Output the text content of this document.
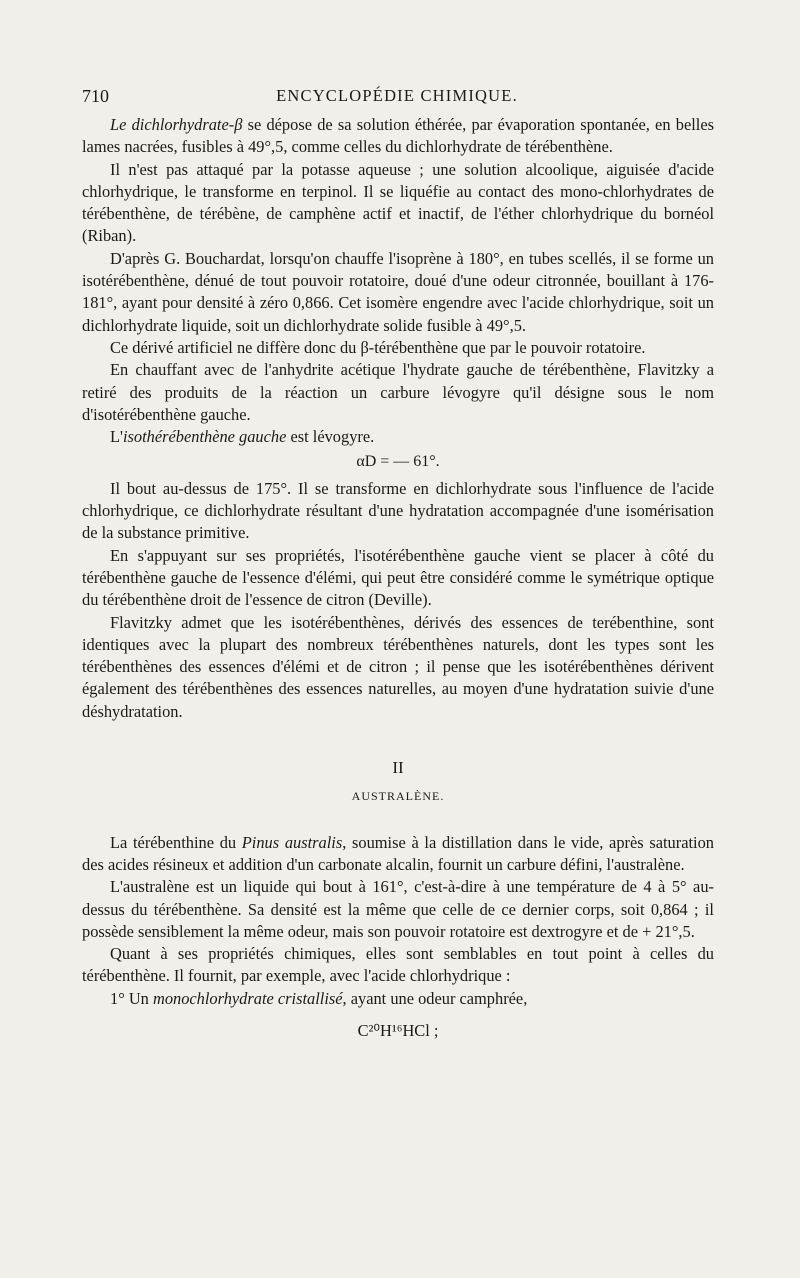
710	ENCYCLOPÉDIE CHIMIQUE.

Le dichlorhydrate-β se dépose de sa solution éthérée, par évaporation spontanée, en belles lames nacrées, fusibles à 49°,5, comme celles du dichlorhydrate de térébenthène.

Il n'est pas attaqué par la potasse aqueuse ; une solution alcoolique, aiguisée d'acide chlorhydrique, le transforme en terpinol. Il se liquéfie au contact des mono-chlorhydrates de térébenthène, de térébène, de camphène actif et inactif, de l'éther chlorhydrique du bornéol (Riban).

D'après G. Bouchardat, lorsqu'on chauffe l'isoprène à 180°, en tubes scellés, il se forme un isotérébenthène, dénué de tout pouvoir rotatoire, doué d'une odeur citronnée, bouillant à 176-181°, ayant pour densité à zéro 0,866. Cet isomère engendre avec l'acide chlorhydrique, soit un dichlorhydrate liquide, soit un dichlorhydrate solide fusible à 49°,5.

Ce dérivé artificiel ne diffère donc du β-térébenthène que par le pouvoir rotatoire.

En chauffant avec de l'anhydrite acétique l'hydrate gauche de térébenthène, Flavitzky a retiré des produits de la réaction un carbure lévogyre qu'il désigne sous le nom d'isotérébenthène gauche.

L'isothérébenthène gauche est lévogyre.

αD = — 61°.

Il bout au-dessus de 175°. Il se transforme en dichlorhydrate sous l'influence de l'acide chlorhydrique, ce dichlorhydrate résultant d'une hydratation accompagnée d'une isomérisation de la substance primitive.

En s'appuyant sur ses propriétés, l'isotérébenthène gauche vient se placer à côté du térébenthène gauche de l'essence d'élémi, qui peut être considéré comme le symétrique optique du térébenthène droit de l'essence de citron (Deville).

Flavitzky admet que les isotérébenthènes, dérivés des essences de terébenthine, sont identiques avec la plupart des nombreux térébenthènes naturels, dont les types sont les térébenthènes des essences d'élémi et de citron ; il pense que les isotérébenthènes dérivent également des térébenthènes des essences naturelles, au moyen d'une hydratation suivie d'une déshydratation.

II

AUSTRALÈNE.

La térébenthine du Pinus australis, soumise à la distillation dans le vide, après saturation des acides résineux et addition d'un carbonate alcalin, fournit un carbure défini, l'australène.

L'australène est un liquide qui bout à 161°, c'est-à-dire à une température de 4 à 5° au-dessus du térébenthène. Sa densité est la même que celle de ce dernier corps, soit 0,864 ; il possède sensiblement la même odeur, mais son pouvoir rotatoire est dextrogyre et de + 21°,5.

Quant à ses propriétés chimiques, elles sont semblables en tout point à celles du térébenthène. Il fournit, par exemple, avec l'acide chlorhydrique :

1° Un monochlorhydrate cristallisé, ayant une odeur camphrée,

C²⁰H¹⁶HCl ;
